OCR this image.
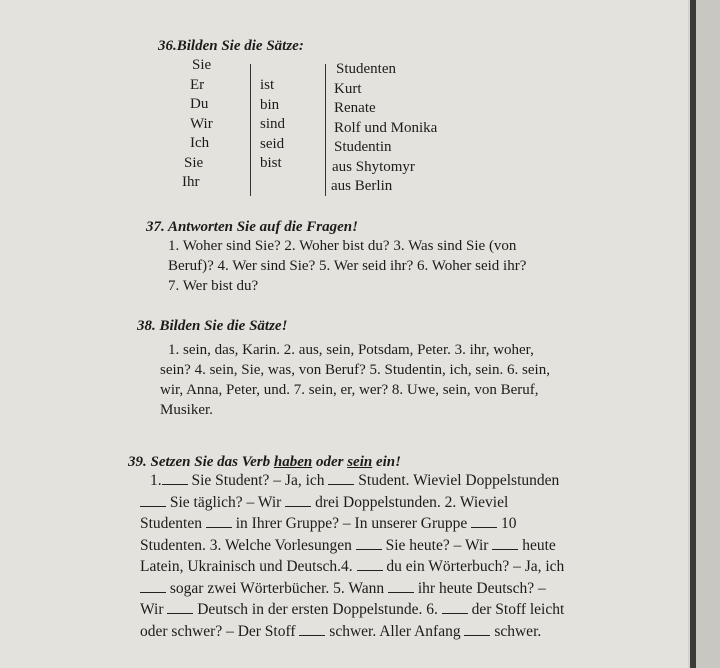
36.Bilden Sie die Sätze:
Sie
Er
Du
Wir
Ich
Sie
Ihr
ist
bin
sind
seid
bist
Studenten
Kurt
Renate
Rolf und Monika
Studentin
aus Shytomyr
aus Berlin
37. Antworten Sie auf die Fragen!
1. Woher sind Sie? 2. Woher bist du? 3. Was sind Sie (von
Beruf)? 4. Wer sind Sie? 5. Wer seid ihr? 6. Woher seid ihr?
7. Wer bist du?
38. Bilden Sie die Sätze!
1. sein, das, Karin. 2. aus, sein, Potsdam, Peter. 3. ihr, woher,
sein? 4. sein, Sie, was, von Beruf? 5. Studentin, ich, sein. 6. sein,
wir, Anna, Peter, und. 7. sein, er, wer? 8. Uwe, sein, von Beruf,
Musiker.
39. Setzen Sie das Verb haben oder sein ein!
1. Sie Student? – Ja, ich  Student. Wieviel Doppelstunden
Sie täglich? – Wir  drei Doppelstunden. 2. Wieviel
Studenten  in Ihrer Gruppe? – In unserer Gruppe  10
Studenten. 3. Welche Vorlesungen  Sie heute? – Wir  heute
Latein, Ukrainisch und Deutsch.4.  du ein Wörterbuch? – Ja, ich
sogar zwei Wörterbücher. 5. Wann  ihr heute Deutsch? –
Wir  Deutsch in der ersten Doppelstunde. 6.  der Stoff leicht
oder schwer? – Der Stoff  schwer. Aller Anfang  schwer.
